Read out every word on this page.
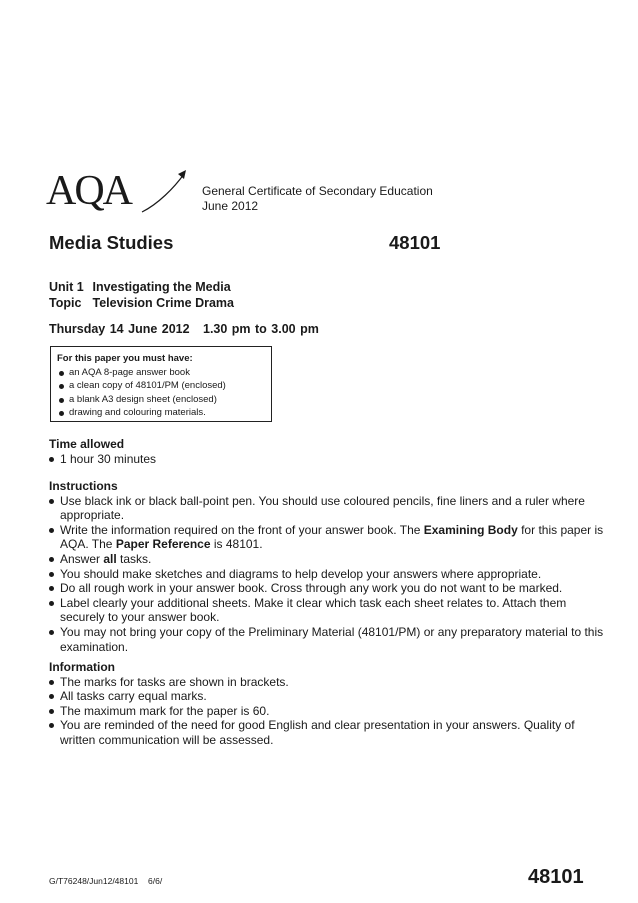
AQA	General Certificate of Secondary Education
June 2012
Media Studies	48101
Unit 1 Investigating the Media
Topic Television Crime Drama
Thursday 14 June 2012   1.30 pm to 3.00 pm
For this paper you must have:
an AQA 8-page answer book
a clean copy of 48101/PM (enclosed)
a blank A3 design sheet (enclosed)
drawing and colouring materials.
Time allowed
1 hour 30 minutes
Instructions
Use black ink or black ball-point pen. You should use coloured pencils, fine liners and a ruler where appropriate.
Write the information required on the front of your answer book. The Examining Body for this paper is AQA. The Paper Reference is 48101.
Answer all tasks.
You should make sketches and diagrams to help develop your answers where appropriate.
Do all rough work in your answer book. Cross through any work you do not want to be marked.
Label clearly your additional sheets. Make it clear which task each sheet relates to. Attach them securely to your answer book.
You may not bring your copy of the Preliminary Material (48101/PM) or any preparatory material to this examination.
Information
The marks for tasks are shown in brackets.
All tasks carry equal marks.
The maximum mark for the paper is 60.
You are reminded of the need for good English and clear presentation in your answers. Quality of written communication will be assessed.
G/T76248/Jun12/48101 6/6/	48101
